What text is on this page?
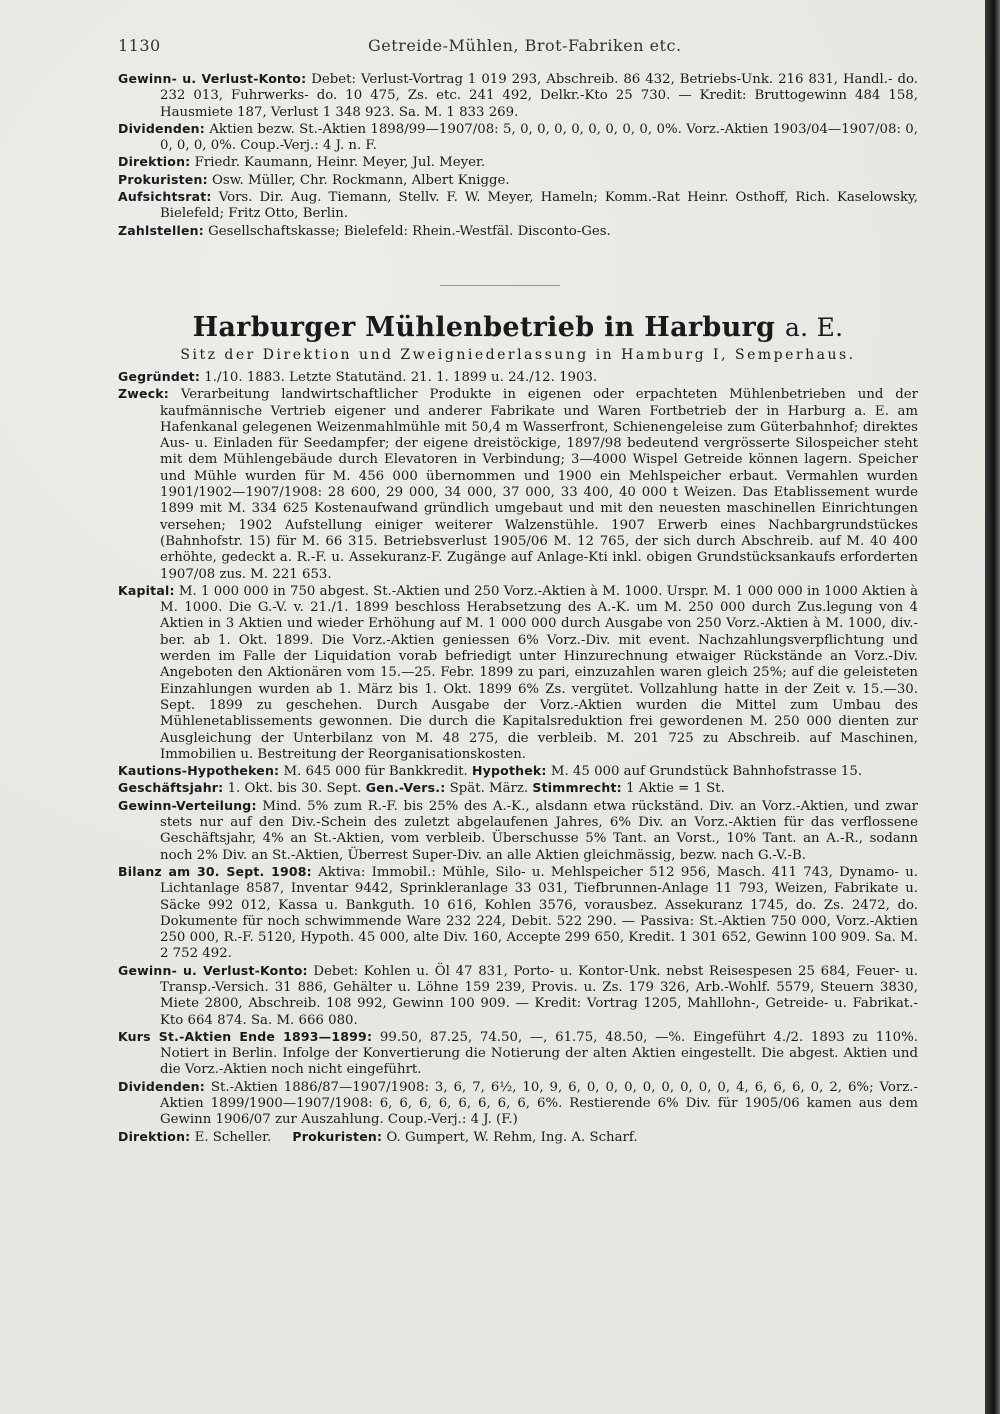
1130	Getreide-Mühlen, Brot-Fabriken etc.

Gewinn- u. Verlust-Konto: Debet: Verlust-Vortrag 1 019 293, Abschreib. 86 432, Betriebs-Unk. 216 831, Handl.- do. 232 013, Fuhrwerks- do. 10 475, Zs. etc. 241 492, Delkr.-Kto 25 730. — Kredit: Bruttogewinn 484 158, Hausmiete 187, Verlust 1 348 923. Sa. M. 1 833 269.

Dividenden: Aktien bezw. St.-Aktien 1898/99—1907/08: 5, 0, 0, 0, 0, 0, 0, 0, 0, 0%. Vorz.-Aktien 1903/04—1907/08: 0, 0, 0, 0, 0%. Coup.-Verj.: 4 J. n. F.

Direktion: Friedr. Kaumann, Heinr. Meyer, Jul. Meyer.

Prokuristen: Osw. Müller, Chr. Rockmann, Albert Knigge.

Aufsichtsrat: Vors. Dir. Aug. Tiemann, Stellv. F. W. Meyer, Hameln; Komm.-Rat Heinr. Osthoff, Rich. Kaselowsky, Bielefeld; Fritz Otto, Berlin.

Zahlstellen: Gesellschaftskasse; Bielefeld: Rhein.-Westfäl. Disconto-Ges.

Harburger Mühlenbetrieb in Harburg a. E.
Sitz der Direktion und Zweigniederlassung in Hamburg I, Semperhaus.

Gegründet: 1./10. 1883. Letzte Statutänd. 21. 1. 1899 u. 24./12. 1903.

Zweck: Verarbeitung landwirtschaftlicher Produkte in eigenen oder erpachteten Mühlenbetrieben und der kaufmännische Vertrieb eigener und anderer Fabrikate und Waren Fortbetrieb der in Harburg a. E. am Hafenkanal gelegenen Weizenmahlmühle mit 50,4 m Wasserfront, Schienengeleise zum Güterbahnhof; direktes Aus- u. Einladen für Seedampfer; der eigene dreistöckige, 1897/98 bedeutend vergrösserte Silospeicher steht mit dem Mühlengebäude durch Elevatoren in Verbindung; 3—4000 Wispel Getreide können lagern. Speicher und Mühle wurden für M. 456 000 übernommen und 1900 ein Mehlspeicher erbaut. Vermahlen wurden 1901/1902—1907/1908: 28 600, 29 000, 34 000, 37 000, 33 400, 40 000 t Weizen. Das Etablissement wurde 1899 mit M. 334 625 Kostenaufwand gründlich umgebaut und mit den neuesten maschinellen Einrichtungen versehen; 1902 Aufstellung einiger weiterer Walzenstühle. 1907 Erwerb eines Nachbargrundstückes (Bahnhofstr. 15) für M. 66 315. Betriebsverlust 1905/06 M. 12 765, der sich durch Abschreib. auf M. 40 400 erhöhte, gedeckt a. R.-F. u. Assekuranz-F. Zugänge auf Anlage-Kti inkl. obigen Grundstücksankaufs erforderten 1907/08 zus. M. 221 653.

Kapital: M. 1 000 000 in 750 abgest. St.-Aktien und 250 Vorz.-Aktien à M. 1000. Urspr. M. 1 000 000 in 1000 Aktien à M. 1000. Die G.-V. v. 21./1. 1899 beschloss Herabsetzung des A.-K. um M. 250 000 durch Zus.legung von 4 Aktien in 3 Aktien und wieder Erhöhung auf M. 1 000 000 durch Ausgabe von 250 Vorz.-Aktien à M. 1000, div.-ber. ab 1. Okt. 1899. Die Vorz.-Aktien geniessen 6% Vorz.-Div. mit event. Nachzahlungsverpflichtung und werden im Falle der Liquidation vorab befriedigt unter Hinzurechnung etwaiger Rückstände an Vorz.-Div. Angeboten den Aktionären vom 15.—25. Febr. 1899 zu pari, einzuzahlen waren gleich 25%; auf die geleisteten Einzahlungen wurden ab 1. März bis 1. Okt. 1899 6% Zs. vergütet. Vollzahlung hatte in der Zeit v. 15.—30. Sept. 1899 zu geschehen. Durch Ausgabe der Vorz.-Aktien wurden die Mittel zum Umbau des Mühlenetablissements gewonnen. Die durch die Kapitalsreduktion frei gewordenen M. 250 000 dienten zur Ausgleichung der Unterbilanz von M. 48 275, die verbleib. M. 201 725 zu Abschreib. auf Maschinen, Immobilien u. Bestreitung der Reorganisationskosten.

Kautions-Hypotheken: M. 645 000 für Bankkredit. Hypothek: M. 45 000 auf Grundstück Bahnhofstrasse 15.

Geschäftsjahr: 1. Okt. bis 30. Sept. Gen.-Vers.: Spät. März. Stimmrecht: 1 Aktie = 1 St.

Gewinn-Verteilung: Mind. 5% zum R.-F. bis 25% des A.-K., alsdann etwa rückständ. Div. an Vorz.-Aktien, und zwar stets nur auf den Div.-Schein des zuletzt abgelaufenen Jahres, 6% Div. an Vorz.-Aktien für das verflossene Geschäftsjahr, 4% an St.-Aktien, vom verbleib. Überschusse 5% Tant. an Vorst., 10% Tant. an A.-R., sodann noch 2% Div. an St.-Aktien, Überrest Super-Div. an alle Aktien gleichmässig, bezw. nach G.-V.-B.

Bilanz am 30. Sept. 1908: Aktiva: Immobil.: Mühle, Silo- u. Mehlspeicher 512 956, Masch. 411 743, Dynamo- u. Lichtanlage 8587, Inventar 9442, Sprinkleranlage 33 031, Tiefbrunnen-Anlage 11 793, Weizen, Fabrikate u. Säcke 992 012, Kassa u. Bankguth. 10 616, Kohlen 3576, vorausbez. Assekuranz 1745, do. Zs. 2472, do. Dokumente für noch schwimmende Ware 232 224, Debit. 522 290. — Passiva: St.-Aktien 750 000, Vorz.-Aktien 250 000, R.-F. 5120, Hypoth. 45 000, alte Div. 160, Accepte 299 650, Kredit. 1 301 652, Gewinn 100 909. Sa. M. 2 752 492.

Gewinn- u. Verlust-Konto: Debet: Kohlen u. Öl 47 831, Porto- u. Kontor-Unk. nebst Reisespesen 25 684, Feuer- u. Transp.-Versich. 31 886, Gehälter u. Löhne 159 239, Provis. u. Zs. 179 326, Arb.-Wohlf. 5579, Steuern 3830, Miete 2800, Abschreib. 108 992, Gewinn 100 909. — Kredit: Vortrag 1205, Mahllohn-, Getreide- u. Fabrikat.-Kto 664 874. Sa. M. 666 080.

Kurs St.-Aktien Ende 1893—1899: 99.50, 87.25, 74.50, —, 61.75, 48.50, —%. Eingeführt 4./2. 1893 zu 110%. Notiert in Berlin. Infolge der Konvertierung die Notierung der alten Aktien eingestellt. Die abgest. Aktien und die Vorz.-Aktien noch nicht eingeführt.

Dividenden: St.-Aktien 1886/87—1907/1908: 3, 6, 7, 6½, 10, 9, 6, 0, 0, 0, 0, 0, 0, 0, 0, 4, 6, 6, 6, 0, 2, 6%; Vorz.-Aktien 1899/1900—1907/1908: 6, 6, 6, 6, 6, 6, 6, 6, 6%. Restierende 6% Div. für 1905/06 kamen aus dem Gewinn 1906/07 zur Auszahlung. Coup.-Verj.: 4 J. (F.)

Direktion: E. Scheller. Prokuristen: O. Gumpert, W. Rehm, Ing. A. Scharf.
